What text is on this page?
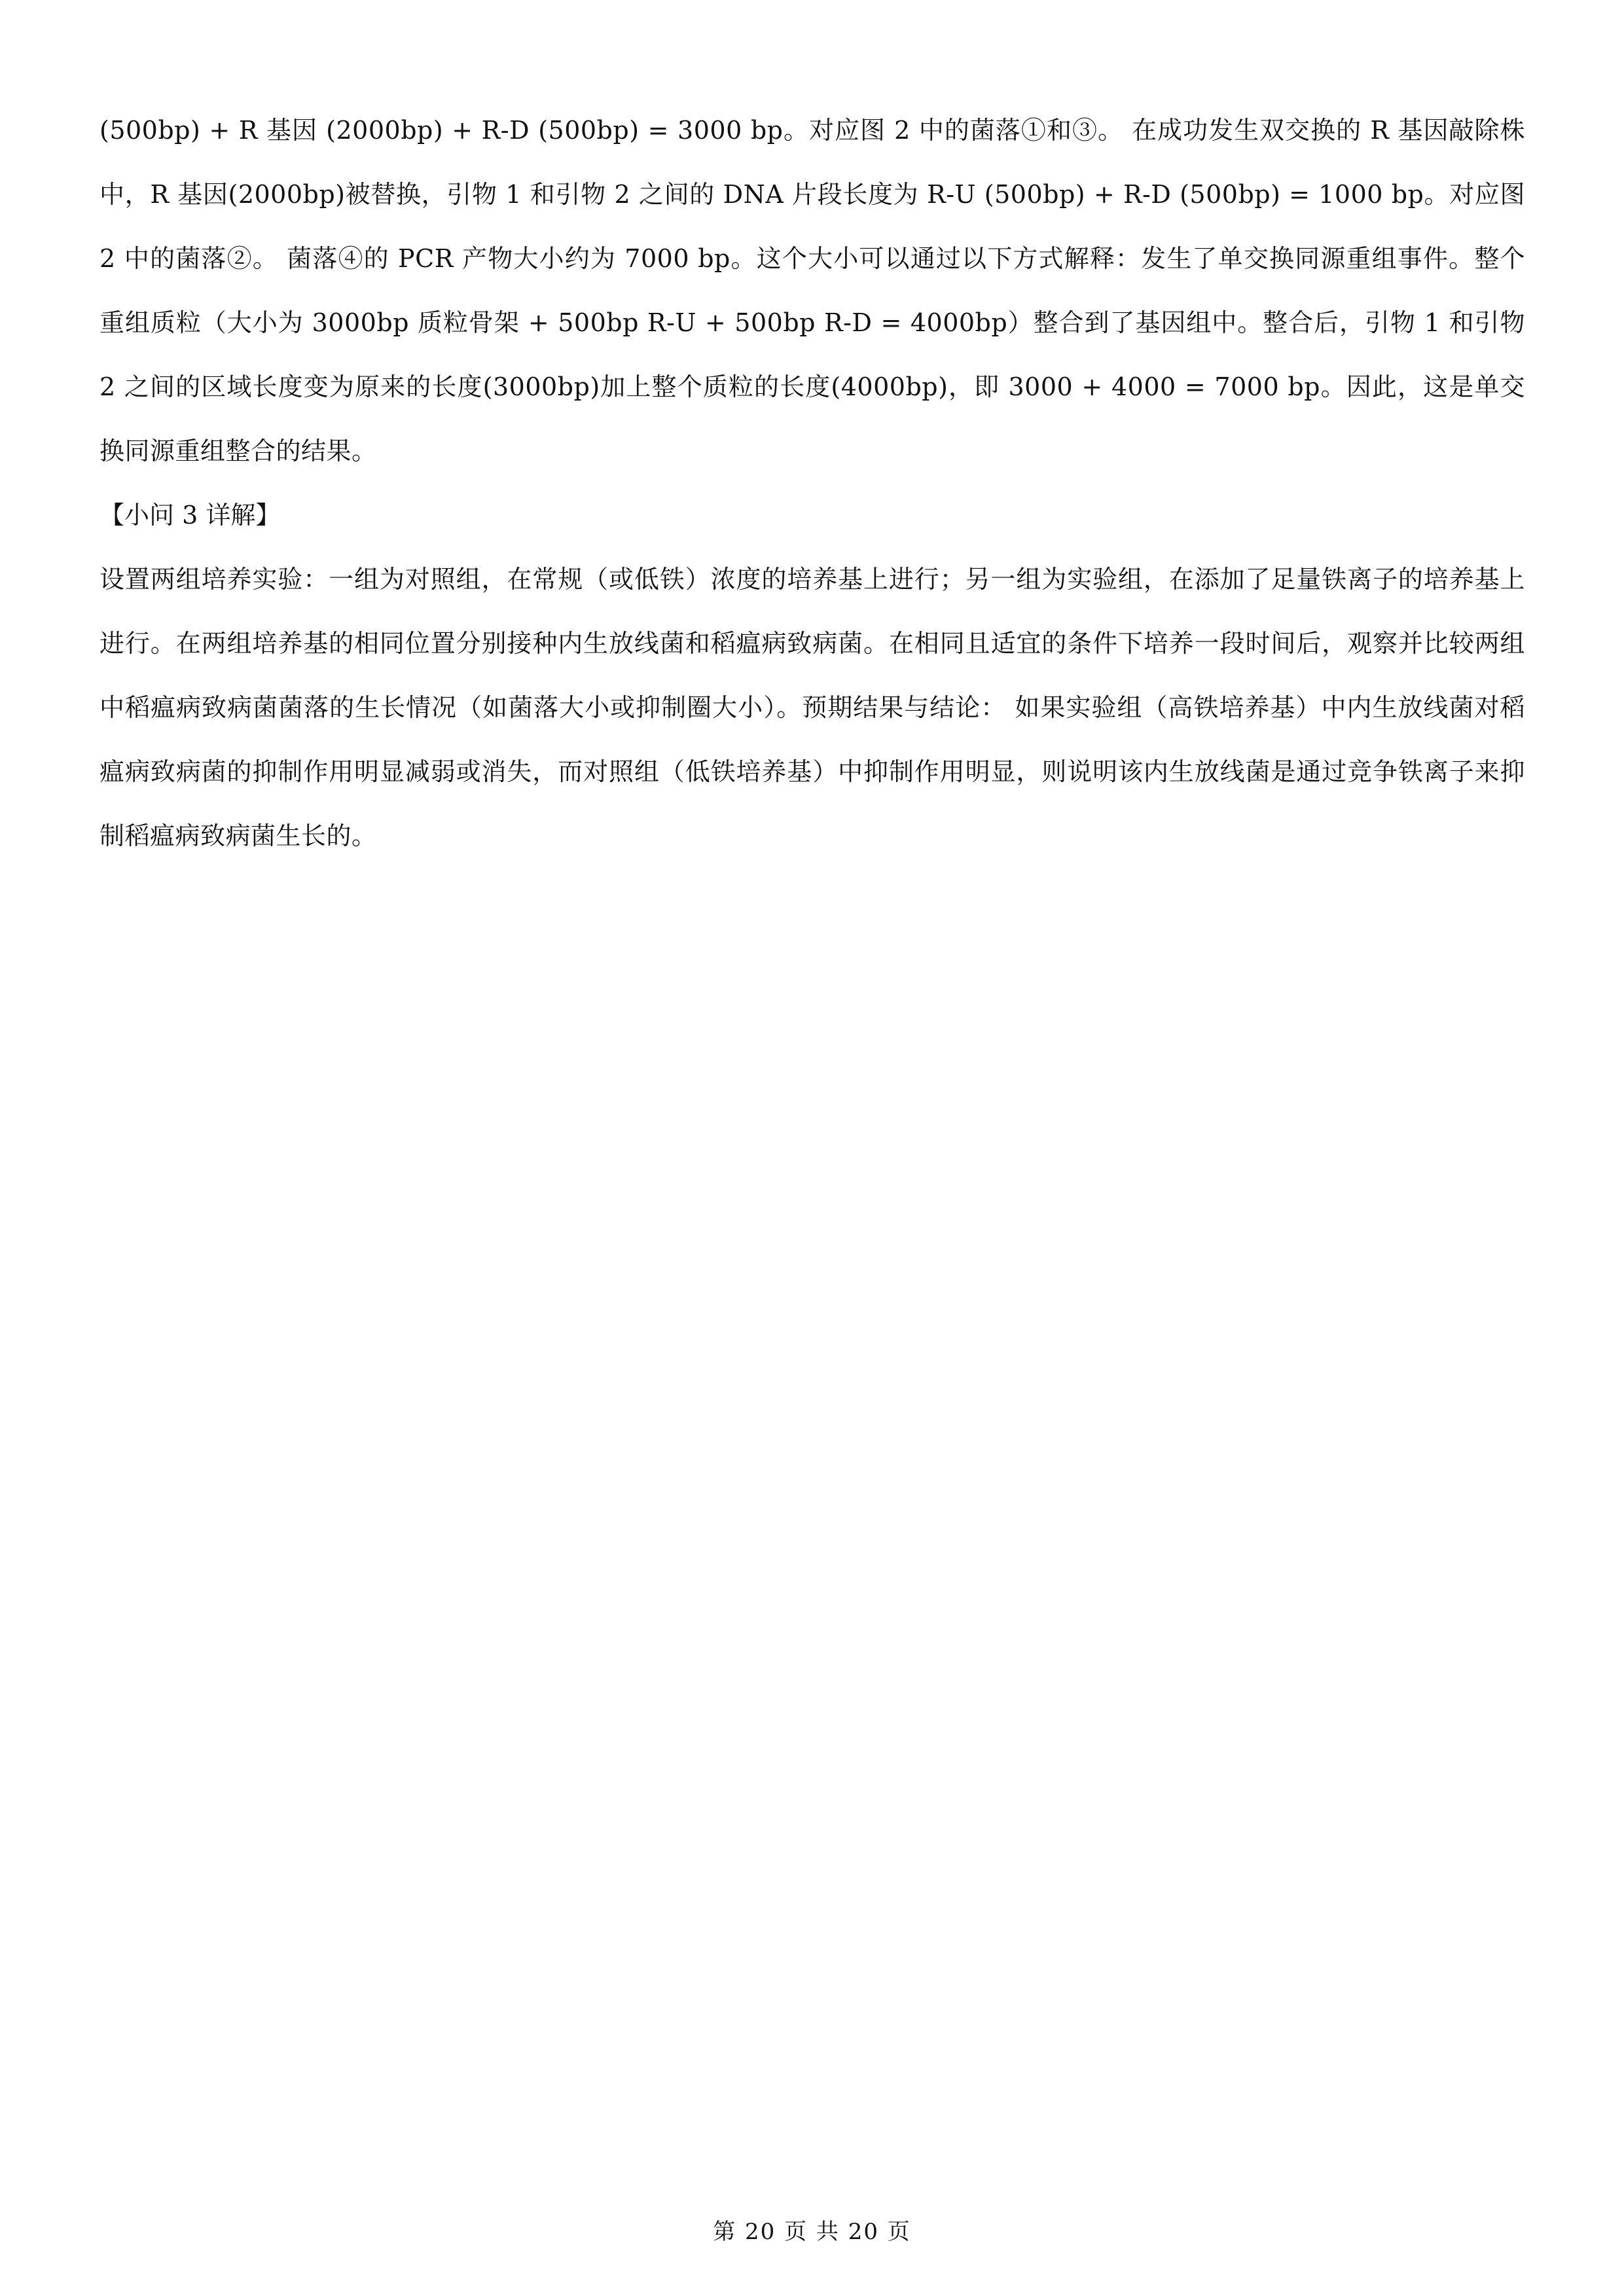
(500bp) + R 基因 (2000bp) + R-D (500bp) = 3000 bp。对应图 2 中的菌落①和③。 在成功发生双交换的 R 基因敲除株中，R 基因(2000bp)被替换，引物 1 和引物 2 之间的 DNA 片段长度为 R-U (500bp) + R-D (500bp) = 1000 bp。对应图 2 中的菌落②。 菌落④的 PCR 产物大小约为 7000 bp。这个大小可以通过以下方式解释：发生了单交换同源重组事件。整个重组质粒（大小为 3000bp 质粒骨架 + 500bp R-U + 500bp R-D = 4000bp）整合到了基因组中。整合后，引物 1 和引物 2 之间的区域长度变为原来的长度(3000bp)加上整个质粒的长度(4000bp)，即 3000 + 4000 = 7000 bp。因此，这是单交换同源重组整合的结果。

【小问 3 详解】

设置两组培养实验：一组为对照组，在常规（或低铁）浓度的培养基上进行；另一组为实验组，在添加了足量铁离子的培养基上进行。在两组培养基的相同位置分别接种内生放线菌和稻瘟病致病菌。在相同且适宜的条件下培养一段时间后，观察并比较两组中稻瘟病致病菌菌落的生长情况（如菌落大小或抑制圈大小）。预期结果与结论： 如果实验组（高铁培养基）中内生放线菌对稻瘟病致病菌的抑制作用明显减弱或消失，而对照组（低铁培养基）中抑制作用明显，则说明该内生放线菌是通过竞争铁离子来抑制稻瘟病致病菌生长的。

第 20 页 共 20 页
